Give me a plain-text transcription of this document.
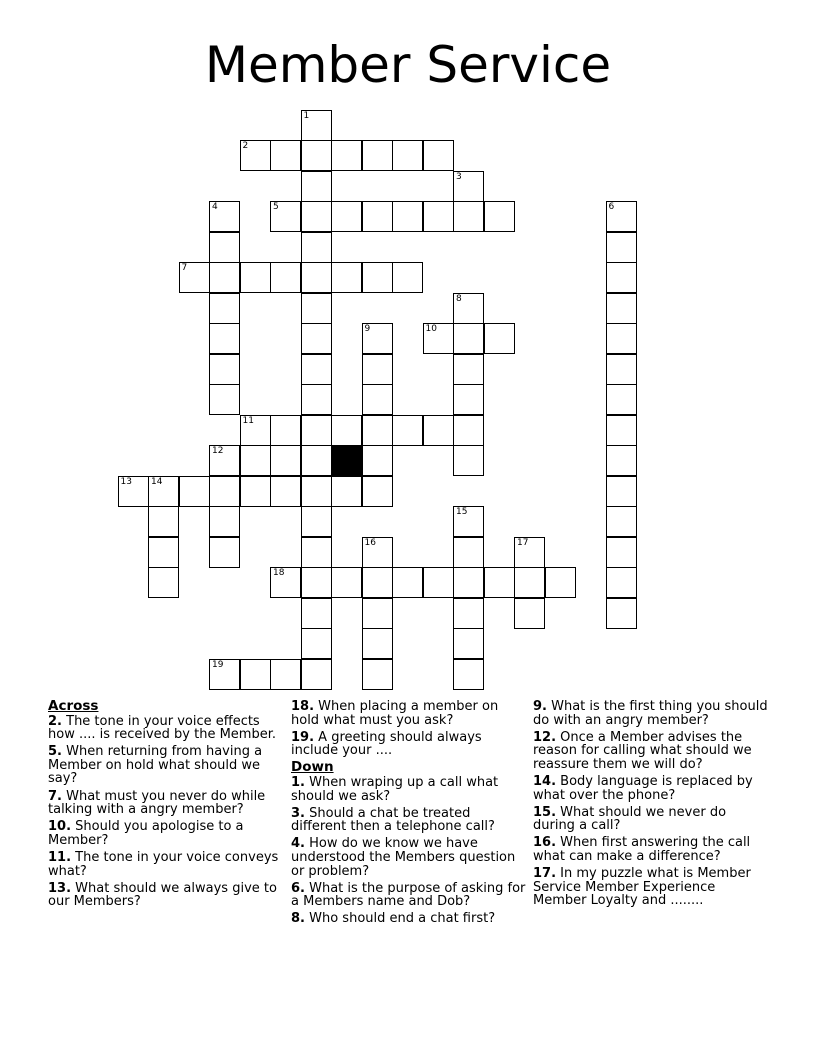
Member Service
1
2
3
4	5	6
7
8
9	10
11
12
13 14
15
16	17
18
19
Across
2. The tone in your voice effects how .... is received by the Member.
5. When returning from having a Member on hold what should we say?
7. What must you never do while talking with a angry member?
10. Should you apologise to a Member?
11. The tone in your voice conveys what?
13. What should we always give to our Members?
18. When placing a member on hold what must you ask?
19. A greeting should always include your ....
Down
1. When wraping up a call what should we ask?
3. Should a chat be treated different then a telephone call?
4. How do we know we have understood the Members question or problem?
6. What is the purpose of asking for a Members name and Dob?
8. Who should end a chat first?
9. What is the first thing you should do with an angry member?
12. Once a Member advises the reason for calling what should we reassure them we will do?
14. Body language is replaced by what over the phone?
15. What should we never do during a call?
16. When first answering the call what can make a difference?
17. In my puzzle what is Member Service Member Experience Member Loyalty and ........
